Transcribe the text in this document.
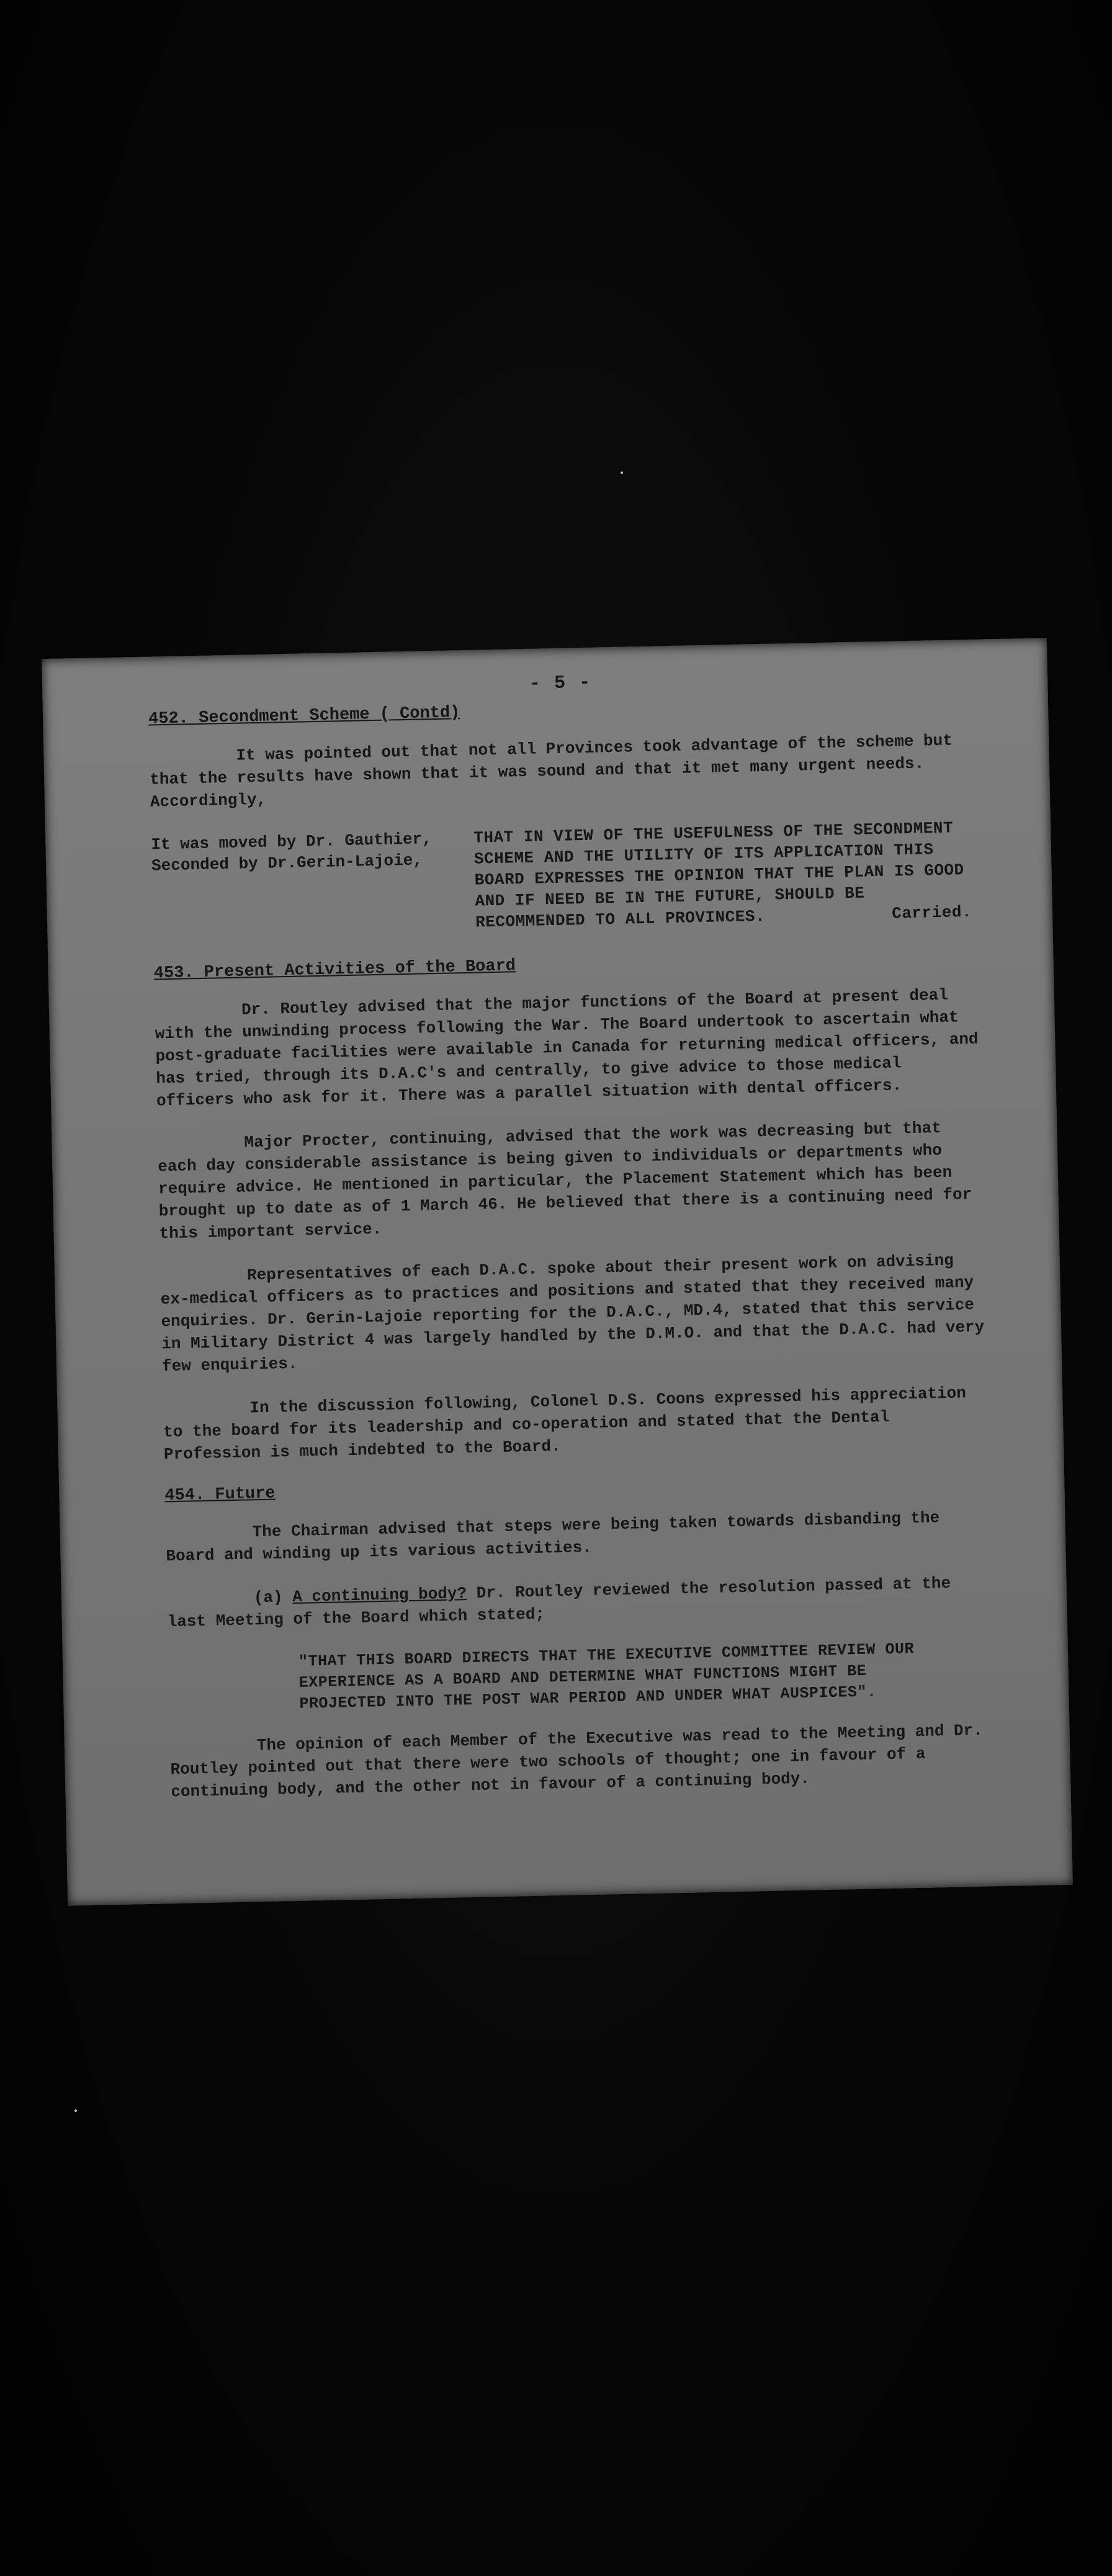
- 5 -
452. Secondment Scheme ( Contd)
It was pointed out that not all Provinces took advantage of the scheme but that the results have shown that it was sound and that it met many urgent needs. Accordingly,
It was moved by Dr. Gauthier,
Seconded by Dr.Gerin-Lajoie,
THAT IN VIEW OF THE USEFULNESS OF THE SECONDMENT SCHEME AND THE UTILITY OF ITS APPLICATION THIS BOARD EXPRESSES THE OPINION THAT THE PLAN IS GOOD AND IF NEED BE IN THE FUTURE, SHOULD BE RECOMMENDED TO ALL PROVINCES.	Carried.
453. Present Activities of the Board
Dr. Routley advised that the major functions of the Board at present deal with the unwinding process following the War. The Board undertook to ascertain what post-graduate facilities were available in Canada for returning medical officers, and has tried, through its D.A.C's and centrally, to give advice to those medical officers who ask for it. There was a parallel situation with dental officers.
Major Procter, continuing, advised that the work was decreasing but that each day considerable assistance is being given to individuals or departments who require advice. He mentioned in particular, the Placement Statement which has been brought up to date as of 1 March 46. He believed that there is a continuing need for this important service.
Representatives of each D.A.C. spoke about their present work on advising ex-medical officers as to practices and positions and stated that they received many enquiries. Dr. Gerin-Lajoie reporting for the D.A.C., MD.4, stated that this service in Military District 4 was largely handled by the D.M.O. and that the D.A.C. had very few enquiries.
In the discussion following, Colonel D.S. Coons expressed his appreciation to the board for its leadership and co-operation and stated that the Dental Profession is much indebted to the Board.
454. Future
The Chairman advised that steps were being taken towards disbanding the Board and winding up its various activities.
(a) A continuing body? Dr. Routley reviewed the resolution passed at the last Meeting of the Board which stated;
"THAT THIS BOARD DIRECTS THAT THE EXECUTIVE COMMITTEE REVIEW OUR EXPERIENCE AS A BOARD AND DETERMINE WHAT FUNCTIONS MIGHT BE PROJECTED INTO THE POST WAR PERIOD AND UNDER WHAT AUSPICES".
The opinion of each Member of the Executive was read to the Meeting and Dr. Routley pointed out that there were two schools of thought; one in favour of a continuing body, and the other not in favour of a continuing body.
